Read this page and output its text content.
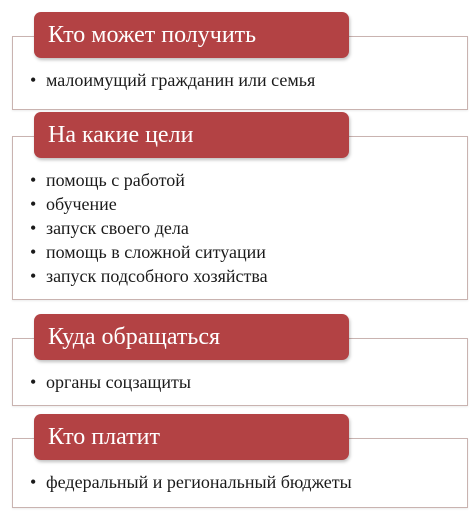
Кто может получить
• малоимущий гражданин или семья
На какие цели
• помощь с работой
• обучение
• запуск своего дела
• помощь в сложной ситуации
• запуск подсобного хозяйства
Куда обращаться
• органы соцзащиты
Кто платит
• федеральный и региональный бюджеты
